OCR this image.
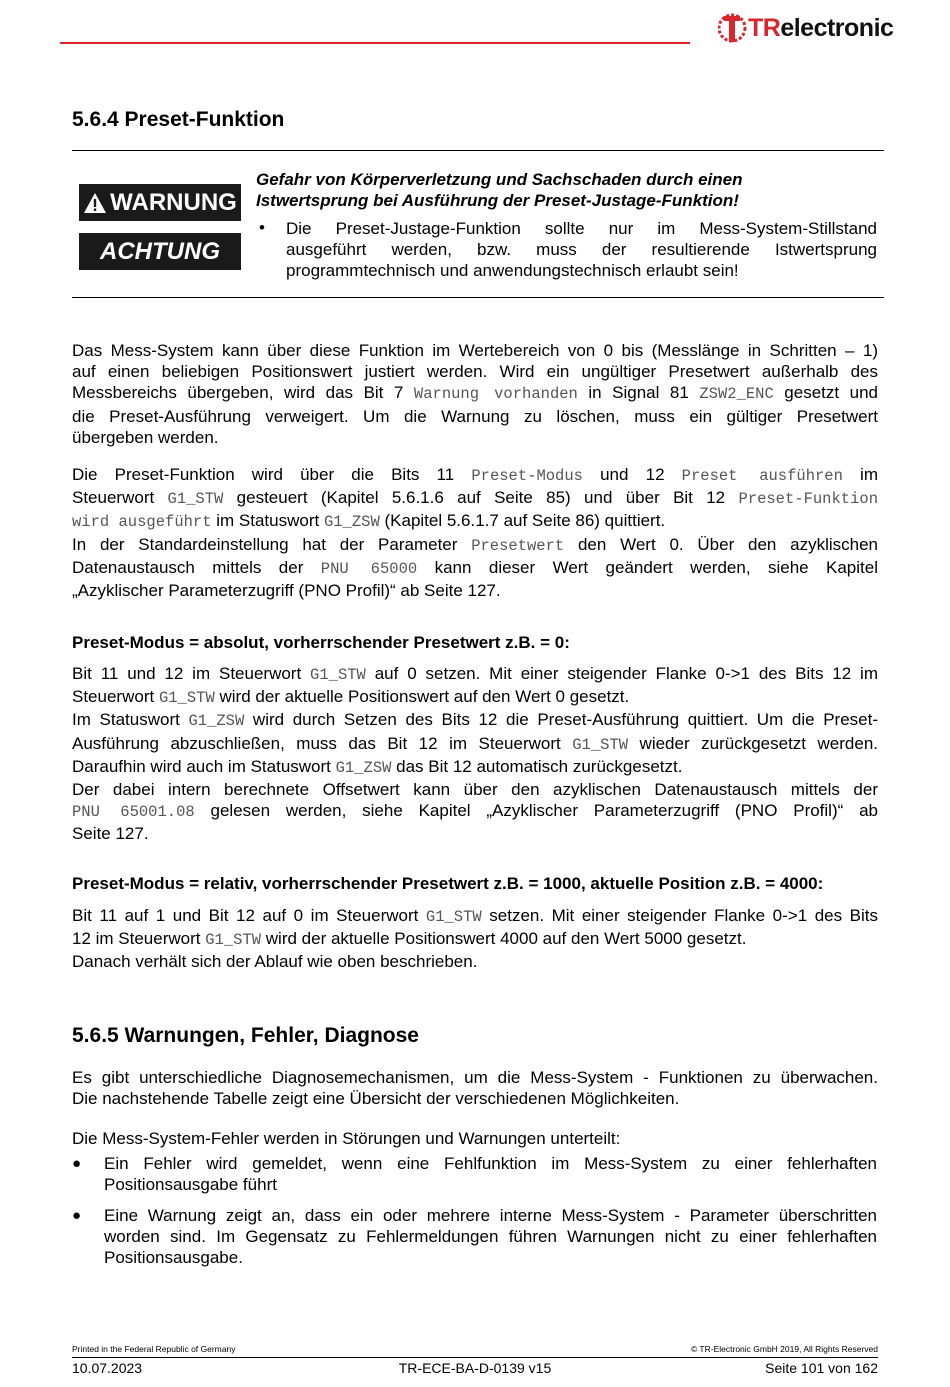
TRelectronic
5.6.4 Preset-Funktion
WARNUNG
ACHTUNG
Gefahr von Körperverletzung und Sachschaden durch einen
Istwertsprung bei Ausführung der Preset-Justage-Funktion!
• Die Preset-Justage-Funktion sollte nur im Mess-System-Stillstand
ausgeführt werden, bzw. muss der resultierende Istwertsprung
programmtechnisch und anwendungstechnisch erlaubt sein!
Das Mess-System kann über diese Funktion im Wertebereich von 0 bis (Messlänge in Schritten – 1)
auf einen beliebigen Positionswert justiert werden. Wird ein ungültiger Presetwert außerhalb des
Messbereichs übergeben, wird das Bit 7 Warnung vorhanden in Signal 81 ZSW2_ENC gesetzt und
die Preset-Ausführung verweigert. Um die Warnung zu löschen, muss ein gültiger Presetwert
übergeben werden.
Die Preset-Funktion wird über die Bits 11 Preset-Modus und 12 Preset ausführen im
Steuerwort G1_STW gesteuert (Kapitel 5.6.1.6 auf Seite 85) und über Bit 12 Preset-Funktion
wird ausgeführt im Statuswort G1_ZSW (Kapitel 5.6.1.7 auf Seite 86) quittiert.
In der Standardeinstellung hat der Parameter Presetwert den Wert 0. Über den azyklischen
Datenaustausch mittels der PNU 65000 kann dieser Wert geändert werden, siehe Kapitel
„Azyklischer Parameterzugriff (PNO Profil)“ ab Seite 127.
Preset-Modus = absolut, vorherrschender Presetwert z.B. = 0:
Bit 11 und 12 im Steuerwort G1_STW auf 0 setzen. Mit einer steigender Flanke 0->1 des Bits 12 im
Steuerwort G1_STW wird der aktuelle Positionswert auf den Wert 0 gesetzt.
Im Statuswort G1_ZSW wird durch Setzen des Bits 12 die Preset-Ausführung quittiert. Um die Preset-
Ausführung abzuschließen, muss das Bit 12 im Steuerwort G1_STW wieder zurückgesetzt werden.
Daraufhin wird auch im Statuswort G1_ZSW das Bit 12 automatisch zurückgesetzt.
Der dabei intern berechnete Offsetwert kann über den azyklischen Datenaustausch mittels der
PNU 65001.08 gelesen werden, siehe Kapitel „Azyklischer Parameterzugriff (PNO Profil)“ ab
Seite 127.
Preset-Modus = relativ, vorherrschender Presetwert z.B. = 1000, aktuelle Position z.B. = 4000:
Bit 11 auf 1 und Bit 12 auf 0 im Steuerwort G1_STW setzen. Mit einer steigender Flanke 0->1 des Bits
12 im Steuerwort G1_STW wird der aktuelle Positionswert 4000 auf den Wert 5000 gesetzt.
Danach verhält sich der Ablauf wie oben beschrieben.
5.6.5 Warnungen, Fehler, Diagnose
Es gibt unterschiedliche Diagnosemechanismen, um die Mess-System - Funktionen zu überwachen.
Die nachstehende Tabelle zeigt eine Übersicht der verschiedenen Möglichkeiten.
Die Mess-System-Fehler werden in Störungen und Warnungen unterteilt:
● Ein Fehler wird gemeldet, wenn eine Fehlfunktion im Mess-System zu einer fehlerhaften
Positionsausgabe führt
● Eine Warnung zeigt an, dass ein oder mehrere interne Mess-System - Parameter überschritten
worden sind. Im Gegensatz zu Fehlermeldungen führen Warnungen nicht zu einer fehlerhaften
Positionsausgabe.
Printed in the Federal Republic of Germany	© TR-Electronic GmbH 2019, All Rights Reserved
10.07.2023	TR-ECE-BA-D-0139 v15	Seite 101 von 162
